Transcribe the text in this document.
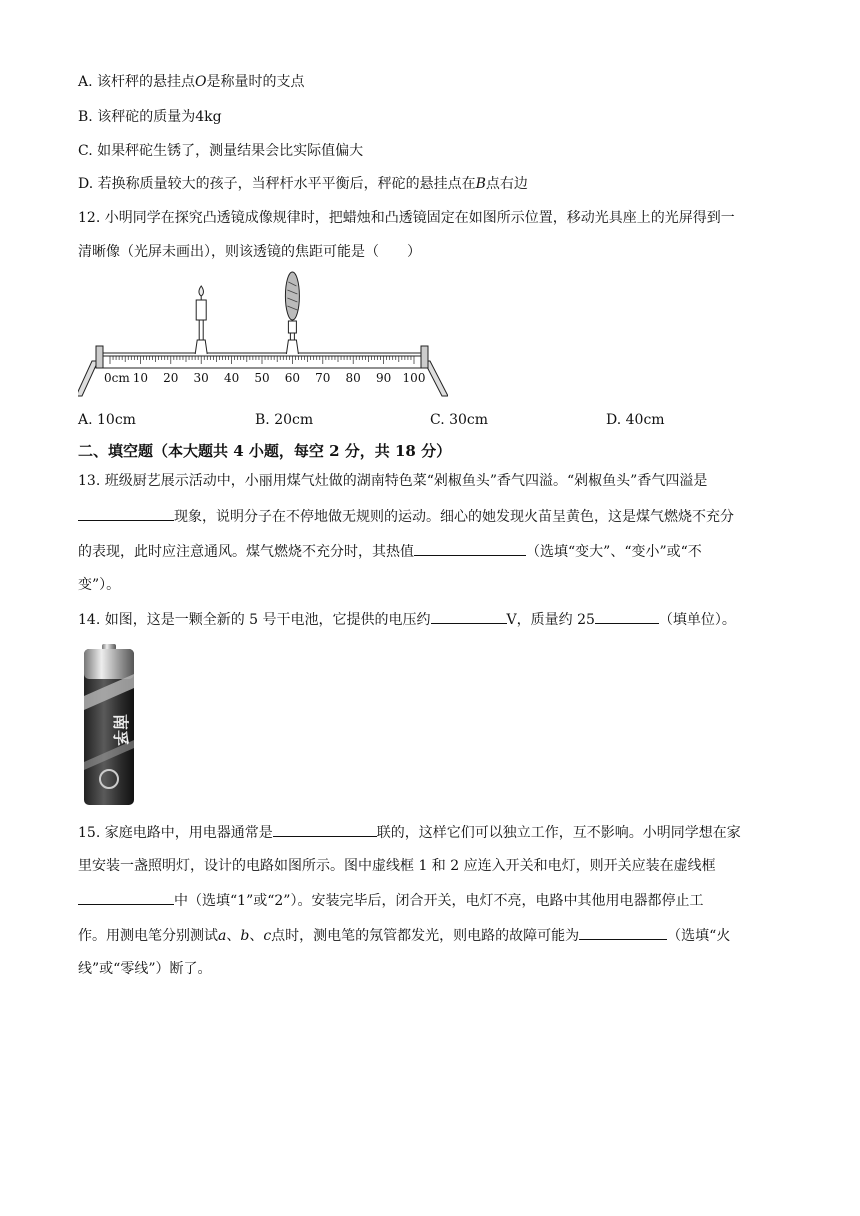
A. 该杆秤的悬挂点O是称量时的支点
B. 该秤砣的质量为4kg
C. 如果秤砣生锈了，测量结果会比实际值偏大
D. 若换称质量较大的孩子，当秤杆水平平衡后，秤砣的悬挂点在B点右边
12. 小明同学在探究凸透镜成像规律时，把蜡烛和凸透镜固定在如图所示位置，移动光具座上的光屏得到一
清晰像（光屏未画出），则该透镜的焦距可能是（　　）
0cm 10 20 30 40 50 60 70 80 90 100
A. 10cm	B. 20cm	C. 30cm	D. 40cm
二、填空题（本大题共 4 小题，每空 2 分，共 18 分）
13. 班级厨艺展示活动中，小丽用煤气灶做的湖南特色菜“剁椒鱼头”香气四溢。“剁椒鱼头”香气四溢是
现象，说明分子在不停地做无规则的运动。细心的她发现火苗呈黄色，这是煤气燃烧不充分
的表现，此时应注意通风。煤气燃烧不充分时，其热值	（选填“变大”、“变小”或“不
变”）。
14. 如图，这是一颗全新的 5 号干电池，它提供的电压约	V，质量约 25	（填单位）。
南孚
15. 家庭电路中，用电器通常是	联的，这样它们可以独立工作，互不影响。小明同学想在家
里安装一盏照明灯，设计的电路如图所示。图中虚线框 1 和 2 应连入开关和电灯，则开关应装在虚线框
中（选填“1”或“2”）。安装完毕后，闭合开关，电灯不亮，电路中其他用电器都停止工
作。用测电笔分别测试a、b、c点时，测电笔的氖管都发光，则电路的故障可能为	（选填“火
线”或“零线”）断了。
